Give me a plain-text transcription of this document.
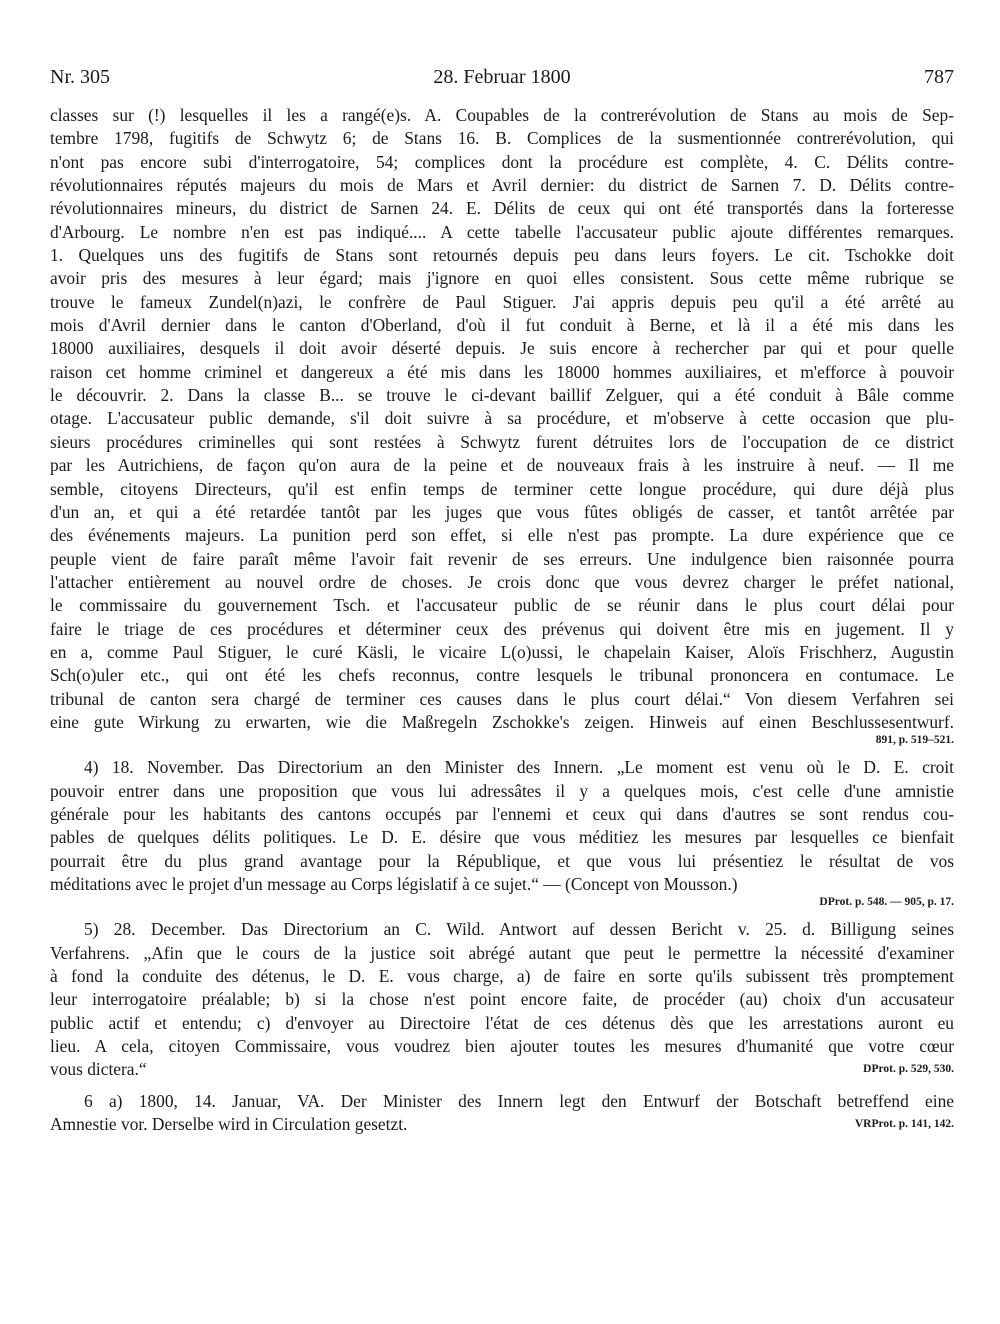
Nr. 305	28. Februar 1800	787
classes sur (!) lesquelles il les a rangé(e)s. A. Coupables de la contrerévolution de Stans au mois de Sep-
tembre 1798, fugitifs de Schwytz 6; de Stans 16. B. Complices de la susmentionnée contrerévolution, qui
n'ont pas encore subi d'interrogatoire, 54; complices dont la procédure est complète, 4. C. Délits contre-
révolutionnaires réputés majeurs du mois de Mars et Avril dernier: du district de Sarnen 7. D. Délits contre-
révolutionnaires mineurs, du district de Sarnen 24. E. Délits de ceux qui ont été transportés dans la forteresse
d'Arbourg. Le nombre n'en est pas indiqué.... A cette tabelle l'accusateur public ajoute différentes remarques.
1. Quelques uns des fugitifs de Stans sont retournés depuis peu dans leurs foyers. Le cit. Tschokke doit
avoir pris des mesures à leur égard; mais j'ignore en quoi elles consistent. Sous cette même rubrique se
trouve le fameux Zundel(n)azi, le confrère de Paul Stiguer. J'ai appris depuis peu qu'il a été arrêté au
mois d'Avril dernier dans le canton d'Oberland, d'où il fut conduit à Berne, et là il a été mis dans les
18000 auxiliaires, desquels il doit avoir déserté depuis. Je suis encore à rechercher par qui et pour quelle
raison cet homme criminel et dangereux a été mis dans les 18000 hommes auxiliaires, et m'efforce à pouvoir
le découvrir. 2. Dans la classe B... se trouve le ci-devant baillif Zelguer, qui a été conduit à Bâle comme
otage. L'accusateur public demande, s'il doit suivre à sa procédure, et m'observe à cette occasion que plu-
sieurs procédures criminelles qui sont restées à Schwytz furent détruites lors de l'occupation de ce district
par les Autrichiens, de façon qu'on aura de la peine et de nouveaux frais à les instruire à neuf. — Il me
semble, citoyens Directeurs, qu'il est enfin temps de terminer cette longue procédure, qui dure déjà plus
d'un an, et qui a été retardée tantôt par les juges que vous fûtes obligés de casser, et tantôt arrêtée par
des événements majeurs. La punition perd son effet, si elle n'est pas prompte. La dure expérience que ce
peuple vient de faire paraît même l'avoir fait revenir de ses erreurs. Une indulgence bien raisonnée pourra
l'attacher entièrement au nouvel ordre de choses. Je crois donc que vous devrez charger le préfet national,
le commissaire du gouvernement Tsch. et l'accusateur public de se réunir dans le plus court délai pour
faire le triage de ces procédures et déterminer ceux des prévenus qui doivent être mis en jugement. Il y
en a, comme Paul Stiguer, le curé Käsli, le vicaire L(o)ussi, le chapelain Kaiser, Aloïs Frischherz, Augustin
Sch(o)uler etc., qui ont été les chefs reconnus, contre lesquels le tribunal prononcera en contumace. Le
tribunal de canton sera chargé de terminer ces causes dans le plus court délai.“ Von diesem Verfahren sei
eine gute Wirkung zu erwarten, wie die Maßregeln Zschokke's zeigen. Hinweis auf einen Beschlussesentwurf.
891, p. 519–521.
4) 18. November. Das Directorium an den Minister des Innern. „Le moment est venu où le D. E. croit
pouvoir entrer dans une proposition que vous lui adressâtes il y a quelques mois, c'est celle d'une amnistie
générale pour les habitants des cantons occupés par l'ennemi et ceux qui dans d'autres se sont rendus cou-
pables de quelques délits politiques. Le D. E. désire que vous méditiez les mesures par lesquelles ce bienfait
pourrait être du plus grand avantage pour la République, et que vous lui présentiez le résultat de vos
méditations avec le projet d'un message au Corps législatif à ce sujet.“ — (Concept von Mousson.)
DProt. p. 548. — 905, p. 17.
5) 28. December. Das Directorium an C. Wild. Antwort auf dessen Bericht v. 25. d. Billigung seines
Verfahrens. „Afin que le cours de la justice soit abrégé autant que peut le permettre la nécessité d'examiner
à fond la conduite des détenus, le D. E. vous charge, a) de faire en sorte qu'ils subissent très promptement
leur interrogatoire préalable; b) si la chose n'est point encore faite, de procéder (au) choix d'un accusateur
public actif et entendu; c) d'envoyer au Directoire l'état de ces détenus dès que les arrestations auront eu
lieu. A cela, citoyen Commissaire, vous voudrez bien ajouter toutes les mesures d'humanité que votre cœur
vous dictera.“	DProt. p. 529, 530.
6 a) 1800, 14. Januar, VA. Der Minister des Innern legt den Entwurf der Botschaft betreffend eine
Amnestie vor. Derselbe wird in Circulation gesetzt.	VRProt. p. 141, 142.
